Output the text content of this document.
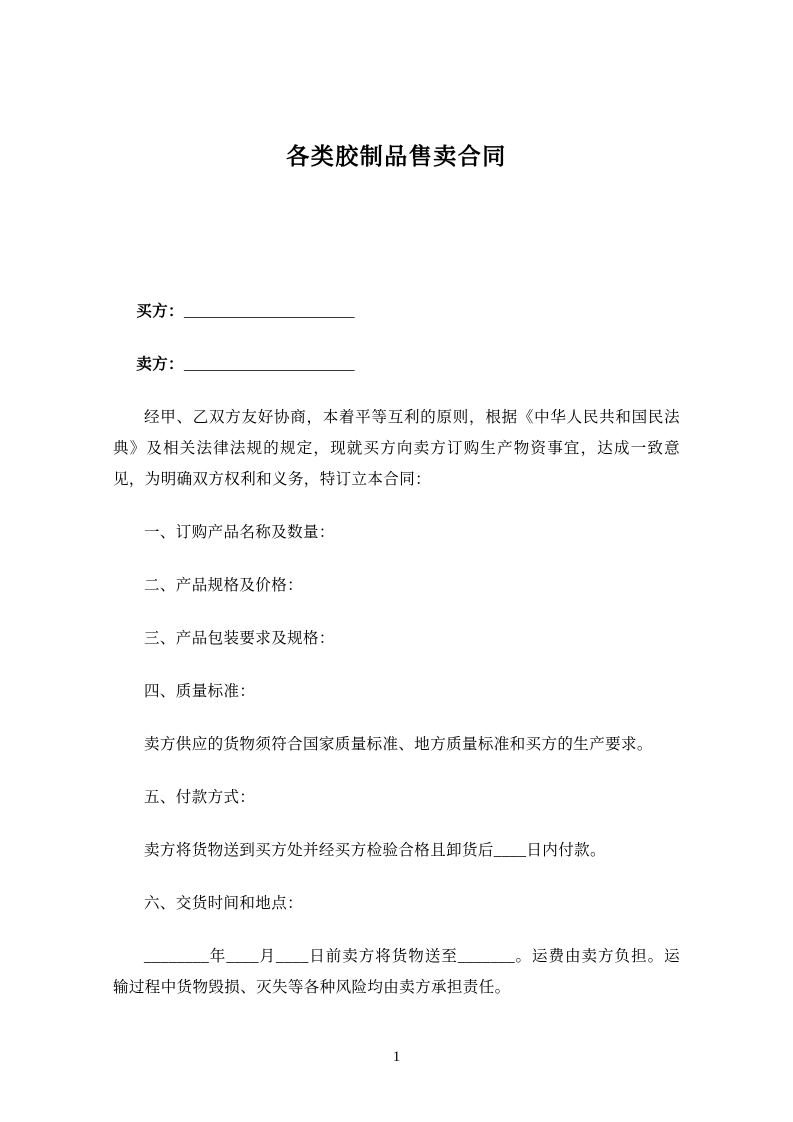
各类胶制品售卖合同

买方：______________________

卖方：______________________

经甲、乙双方友好协商，本着平等互利的原则，根据《中华人民共和国民法典》及相关法律法规的规定，现就买方向卖方订购生产物资事宜，达成一致意见，为明确双方权利和义务，特订立本合同：

一、订购产品名称及数量：

二、产品规格及价格：

三、产品包装要求及规格：

四、质量标准：

卖方供应的货物须符合国家质量标准、地方质量标准和买方的生产要求。

五、付款方式：

卖方将货物送到买方处并经买方检验合格且卸货后____日内付款。

六、交货时间和地点：

________年____月____日前卖方将货物送至_______。运费由卖方负担。运输过程中货物毁损、灭失等各种风险均由卖方承担责任。

1
